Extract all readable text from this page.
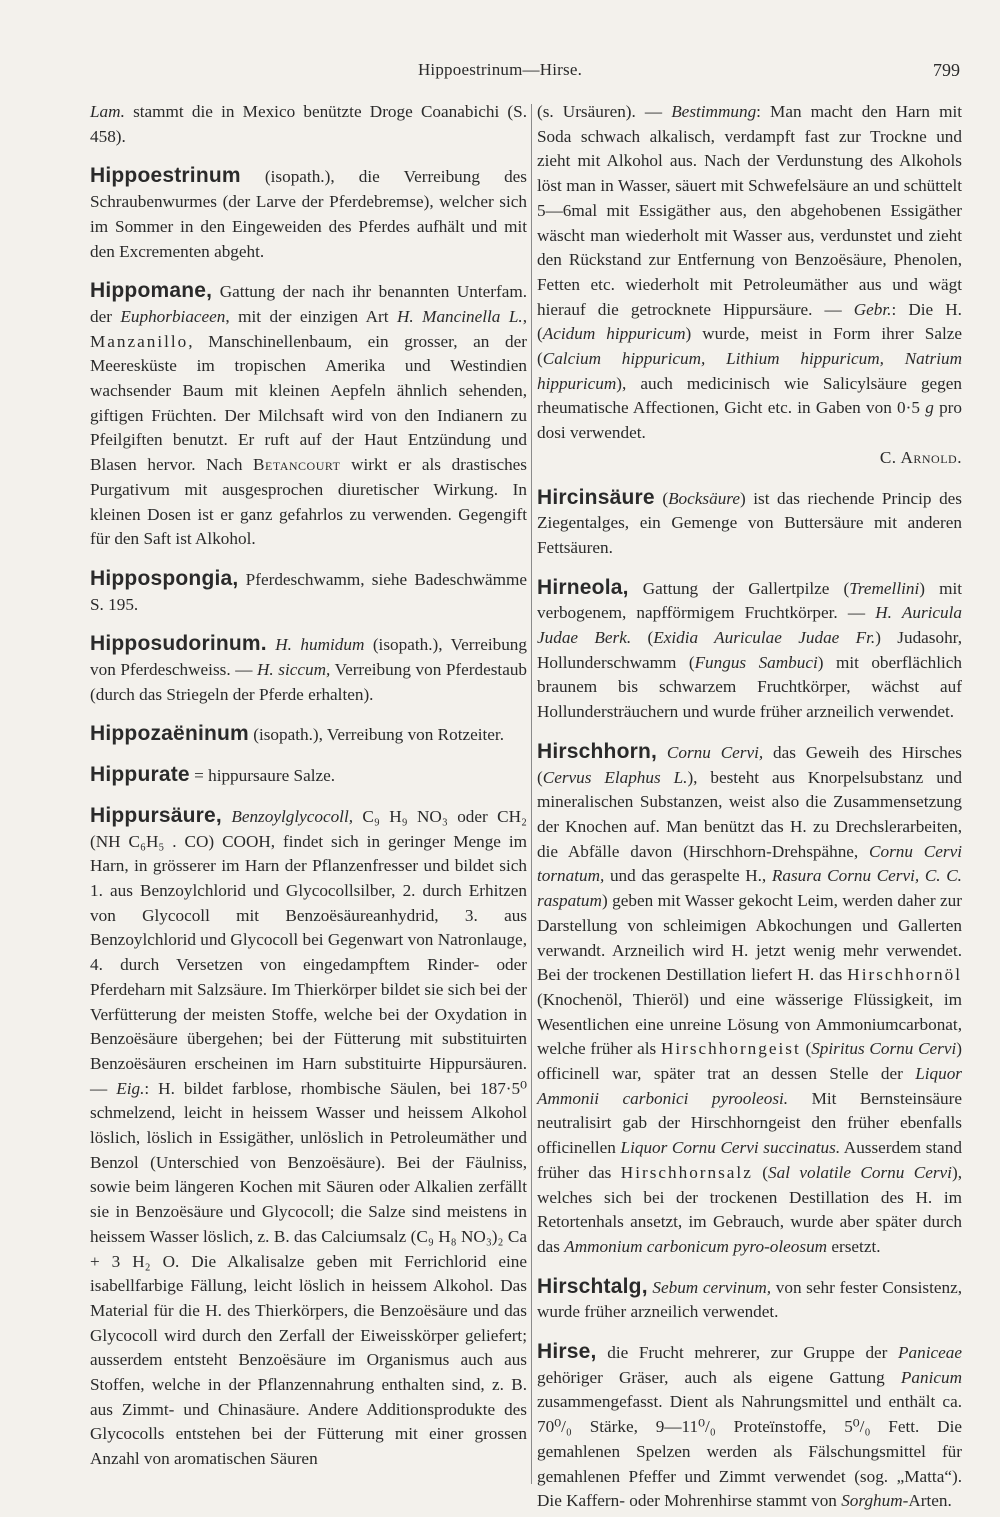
Hippoestrinum—Hirse.	799

Lam. stammt die in Mexico benützte Droge Coanabichi (S. 458).

Hippoestrinum (isopath.), die Verreibung des Schraubenwurmes (der Larve der Pferdebremse), welcher sich im Sommer in den Eingeweiden des Pferdes aufhält und mit den Excrementen abgeht.

Hippomane, Gattung der nach ihr benannten Unterfam. der Euphorbiaceen, mit der einzigen Art H. Mancinella L., Manzanillo, Manschinellenbaum, ein grosser, an der Meeresküste im tropischen Amerika und Westindien wachsender Baum mit kleinen Aepfeln ähnlich sehenden, giftigen Früchten. Der Milchsaft wird von den Indianern zu Pfeilgiften benutzt. Er ruft auf der Haut Entzündung und Blasen hervor. Nach Betancourt wirkt er als drastisches Purgativum mit ausgesprochen diuretischer Wirkung. In kleinen Dosen ist er ganz gefahrlos zu verwenden. Gegengift für den Saft ist Alkohol.

Hippospongia, Pferdeschwamm, siehe Badeschwämme S. 195.

Hipposudorinum. H. humidum (isopath.), Verreibung von Pferdeschweiss. — H. siccum, Verreibung von Pferdestaub (durch das Striegeln der Pferde erhalten).

Hippozaëninum (isopath.), Verreibung von Rotzeiter.

Hippurate = hippursaure Salze.

Hippursäure, Benzoylglycocoll, C₉ H₉ NO₃ oder CH₂ (NH C₆H₅ . CO) COOH, findet sich in geringer Menge im Harn, in grösserer im Harn der Pflanzenfresser und bildet sich 1. aus Benzoylchlorid und Glycocollsilber, 2. durch Erhitzen von Glycocoll mit Benzoësäureanhydrid, 3. aus Benzoylchlorid und Glycocoll bei Gegenwart von Natronlauge, 4. durch Versetzen von eingedampftem Rinder- oder Pferdeharn mit Salzsäure. Im Thierkörper bildet sie sich bei der Verfütterung der meisten Stoffe, welche bei der Oxydation in Benzoësäure übergehen; bei der Fütterung mit substituirten Benzoësäuren erscheinen im Harn substituirte Hippursäuren. — Eig.: H. bildet farblose, rhombische Säulen, bei 187·5⁰ schmelzend, leicht in heissem Wasser und heissem Alkohol löslich, löslich in Essigäther, unlöslich in Petroleumäther und Benzol (Unterschied von Benzoësäure). Bei der Fäulniss, sowie beim längeren Kochen mit Säuren oder Alkalien zerfällt sie in Benzoësäure und Glycocoll; die Salze sind meistens in heissem Wasser löslich, z. B. das Calciumsalz (C₉ H₈ NO₃)₂ Ca + 3 H₂ O. Die Alkalisalze geben mit Ferrichlorid eine isabellfarbige Fällung, leicht löslich in heissem Alkohol. Das Material für die H. des Thierkörpers, die Benzoësäure und das Glycocoll wird durch den Zerfall der Eiweisskörper geliefert; ausserdem entsteht Benzoësäure im Organismus auch aus Stoffen, welche in der Pflanzennahrung enthalten sind, z. B. aus Zimmt- und Chinasäure. Andere Additionsprodukte des Glycocolls entstehen bei der Fütterung mit einer grossen Anzahl von aromatischen Säuren

(s. Ursäuren). — Bestimmung: Man macht den Harn mit Soda schwach alkalisch, verdampft fast zur Trockne und zieht mit Alkohol aus. Nach der Verdunstung des Alkohols löst man in Wasser, säuert mit Schwefelsäure an und schüttelt 5—6mal mit Essigäther aus, den abgehobenen Essigäther wäscht man wiederholt mit Wasser aus, verdunstet und zieht den Rückstand zur Entfernung von Benzoësäure, Phenolen, Fetten etc. wiederholt mit Petroleumäther aus und wägt hierauf die getrocknete Hippursäure. — Gebr.: Die H. (Acidum hippuricum) wurde, meist in Form ihrer Salze (Calcium hippuricum, Lithium hippuricum, Natrium hippuricum), auch medicinisch wie Salicylsäure gegen rheumatische Affectionen, Gicht etc. in Gaben von 0·5 g pro dosi verwendet.
C. Arnold.

Hircinsäure (Bocksäure) ist das riechende Princip des Ziegentalges, ein Gemenge von Buttersäure mit anderen Fettsäuren.

Hirneola, Gattung der Gallertpilze (Tremellini) mit verbogenem, napfförmigem Fruchtkörper. — H. Auricula Judae Berk. (Exidia Auriculae Judae Fr.) Judasohr, Hollunderschwamm (Fungus Sambuci) mit oberflächlich braunem bis schwarzem Fruchtkörper, wächst auf Hollundersträuchern und wurde früher arzneilich verwendet.

Hirschhorn, Cornu Cervi, das Geweih des Hirsches (Cervus Elaphus L.), besteht aus Knorpelsubstanz und mineralischen Substanzen, weist also die Zusammensetzung der Knochen auf. Man benützt das H. zu Drechslerarbeiten, die Abfälle davon (Hirschhorn-Drehspähne, Cornu Cervi tornatum, und das geraspelte H., Rasura Cornu Cervi, C. C. raspatum) geben mit Wasser gekocht Leim, werden daher zur Darstellung von schleimigen Abkochungen und Gallerten verwandt. Arzneilich wird H. jetzt wenig mehr verwendet. Bei der trockenen Destillation liefert H. das Hirschhornöl (Knochenöl, Thieröl) und eine wässerige Flüssigkeit, im Wesentlichen eine unreine Lösung von Ammoniumcarbonat, welche früher als Hirschhorngeist (Spiritus Cornu Cervi) officinell war, später trat an dessen Stelle der Liquor Ammonii carbonici pyrooleosi. Mit Bernsteinsäure neutralisirt gab der Hirschhorngeist den früher ebenfalls officinellen Liquor Cornu Cervi succinatus. Ausserdem stand früher das Hirschhornsalz (Sal volatile Cornu Cervi), welches sich bei der trockenen Destillation des H. im Retortenhals ansetzt, im Gebrauch, wurde aber später durch das Ammonium carbonicum pyro-oleosum ersetzt.

Hirschtalg, Sebum cervinum, von sehr fester Consistenz, wurde früher arzneilich verwendet.

Hirse, die Frucht mehrerer, zur Gruppe der Paniceae gehöriger Gräser, auch als eigene Gattung Panicum zusammengefasst. Dient als Nahrungsmittel und enthält ca. 70⁰/₀ Stärke, 9—11⁰/₀ Proteïnstoffe, 5⁰/₀ Fett. Die gemahlenen Spelzen werden als Fälschungsmittel für gemahlenen Pfeffer und Zimmt verwendet (sog. „Matta“). Die Kaffern- oder Mohrenhirse stammt von Sorghum-Arten.
